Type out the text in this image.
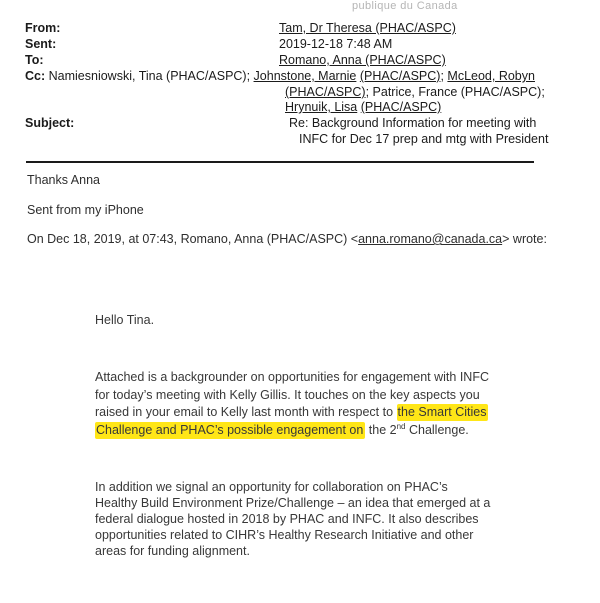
publique du Canada
From:	Tam, Dr Theresa (PHAC/ASPC)
Sent:	2019-12-18 7:48 AM
To:	Romano, Anna (PHAC/ASPC)
Cc: Namiesniowski, Tina (PHAC/ASPC); Johnstone, Marnie (PHAC/ASPC); McLeod, Robyn
(PHAC/ASPC); Patrice, France (PHAC/ASPC);
Hrynuik, Lisa (PHAC/ASPC)
Subject:	Re: Background Information for meeting with
INFC for Dec 17 prep and mtg with President
Thanks Anna
Sent from my iPhone
On Dec 18, 2019, at 07:43, Romano, Anna (PHAC/ASPC) <anna.romano@canada.ca> wrote:
Hello Tina.
Attached is a backgrounder on opportunities for engagement with INFC
for today’s meeting with Kelly Gillis. It touches on the key aspects you
raised in your email to Kelly last month with respect to the Smart Cities
Challenge and PHAC’s possible engagement on the 2nd Challenge.
In addition we signal an opportunity for collaboration on PHAC’s
Healthy Build Environment Prize/Challenge – an idea that emerged at a
federal dialogue hosted in 2018 by PHAC and INFC. It also describes
opportunities related to CIHR’s Healthy Research Initiative and other
areas for funding alignment.
